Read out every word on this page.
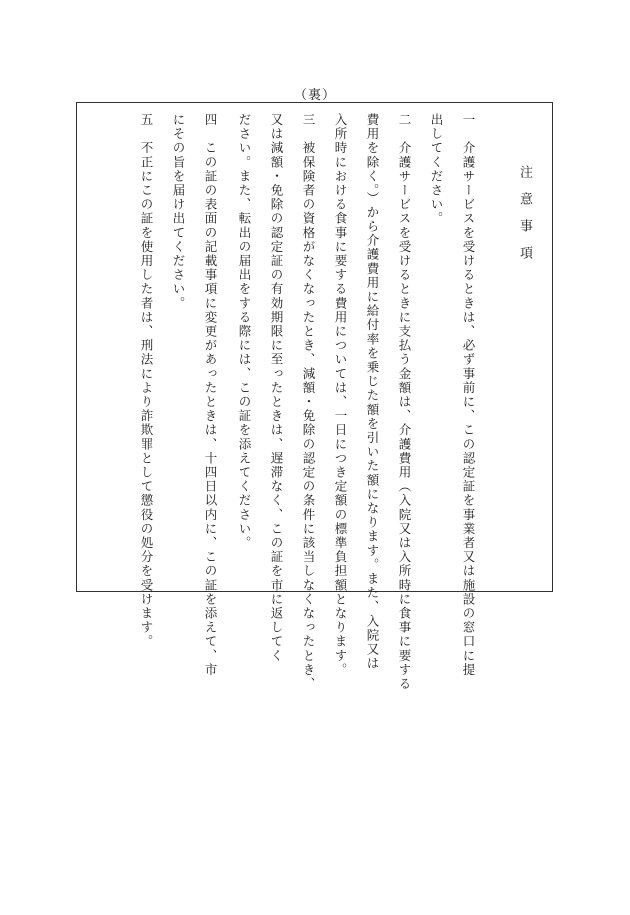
（裏）
注意事項
一　介護サービスを受けるときは、必ず事前に、この認定証を事業者又は施設の窓口に提
出してください。
二　介護サービスを受けるときに支払う金額は、介護費用（入院又は入所時に食事に要する
費用を除く。）から介護費用に給付率を乗じた額を引いた額になります。また、入院又は
入所時における食事に要する費用については、一日につき定額の標準負担額となります。
三　被保険者の資格がなくなったとき、減額・免除の認定の条件に該当しなくなったとき、
又は減額・免除の認定証の有効期限に至ったときは、遅滞なく、この証を市に返してく
ださい。また、転出の届出をする際には、この証を添えてください。
四　この証の表面の記載事項に変更があったときは、十四日以内に、この証を添えて、市
にその旨を届け出てください。
五　不正にこの証を使用した者は、刑法により詐欺罪として懲役の処分を受けます。
